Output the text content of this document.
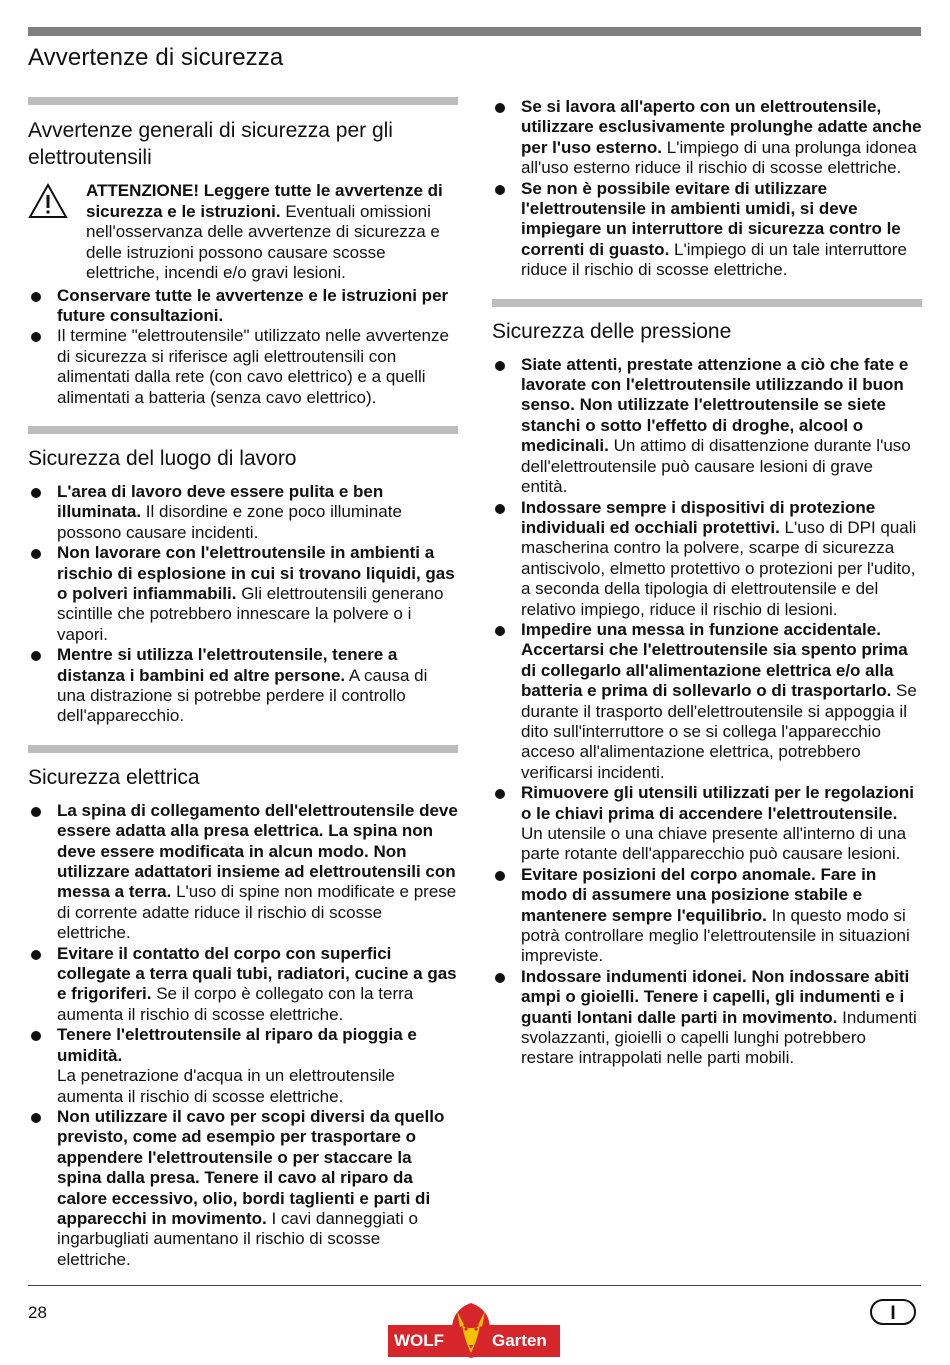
Avvertenze di sicurezza
Avvertenze generali di sicurezza per gli elettroutensili
ATTENZIONE! Leggere tutte le avvertenze di sicurezza e le istruzioni. Eventuali omissioni nell'osservanza delle avvertenze di sicurezza e delle istruzioni possono causare scosse elettriche, incendi e/o gravi lesioni.
Conservare tutte le avvertenze e le istruzioni per future consultazioni.
Il termine "elettroutensile" utilizzato nelle avvertenze di sicurezza si riferisce agli elettroutensili con alimentati dalla rete (con cavo elettrico) e a quelli alimentati a batteria (senza cavo elettrico).
Sicurezza del luogo di lavoro
L'area di lavoro deve essere pulita e ben illuminata. Il disordine e zone poco illuminate possono causare incidenti.
Non lavorare con l'elettroutensile in ambienti a rischio di esplosione in cui si trovano liquidi, gas o polveri infiammabili. Gli elettroutensili generano scintille che potrebbero innescare la polvere o i vapori.
Mentre si utilizza l'elettroutensile, tenere a distanza i bambini ed altre persone. A causa di una distrazione si potrebbe perdere il controllo dell'apparecchio.
Sicurezza elettrica
La spina di collegamento dell'elettroutensile deve essere adatta alla presa elettrica. La spina non deve essere modificata in alcun modo. Non utilizzare adattatori insieme ad elettroutensili con messa a terra. L'uso di spine non modificate e prese di corrente adatte riduce il rischio di scosse elettriche.
Evitare il contatto del corpo con superfici collegate a terra quali tubi, radiatori, cucine a gas e frigoriferi. Se il corpo è collegato con la terra aumenta il rischio di scosse elettriche.
Tenere l'elettroutensile al riparo da pioggia e umidità.
La penetrazione d'acqua in un elettroutensile aumenta il rischio di scosse elettriche.
Non utilizzare il cavo per scopi diversi da quello previsto, come ad esempio per trasportare o appendere l'elettroutensile o per staccare la spina dalla presa. Tenere il cavo al riparo da calore eccessivo, olio, bordi taglienti e parti di apparecchi in movimento. I cavi danneggiati o ingarbugliati aumentano il rischio di scosse elettriche.
Se si lavora all'aperto con un elettroutensile, utilizzare esclusivamente prolunghe adatte anche per l'uso esterno. L'impiego di una prolunga idonea all'uso esterno riduce il rischio di scosse elettriche.
Se non è possibile evitare di utilizzare l'elettroutensile in ambienti umidi, si deve impiegare un interruttore di sicurezza contro le correnti di guasto. L'impiego di un tale interruttore riduce il rischio di scosse elettriche.
Sicurezza delle pressione
Siate attenti, prestate attenzione a ciò che fate e lavorate con l'elettroutensile utilizzando il buon senso. Non utilizzate l'elettroutensile se siete stanchi o sotto l'effetto di droghe, alcool o medicinali. Un attimo di disattenzione durante l'uso dell'elettroutensile può causare lesioni di grave entità.
Indossare sempre i dispositivi di protezione individuali ed occhiali protettivi. L'uso di DPI quali mascherina contro la polvere, scarpe di sicurezza antiscivolo, elmetto protettivo o protezioni per l'udito, a seconda della tipologia di elettroutensile e del relativo impiego, riduce il rischio di lesioni.
Impedire una messa in funzione accidentale. Accertarsi che l'elettroutensile sia spento prima di collegarlo all'alimentazione elettrica e/o alla batteria e prima di sollevarlo o di trasportarlo. Se durante il trasporto dell'elettroutensile si appoggia il dito sull'interruttore o se si collega l'apparecchio acceso all'alimentazione elettrica, potrebbero verificarsi incidenti.
Rimuovere gli utensili utilizzati per le regolazioni o le chiavi prima di accendere l'elettroutensile. Un utensile o una chiave presente all'interno di una parte rotante dell'apparecchio può causare lesioni.
Evitare posizioni del corpo anomale. Fare in modo di assumere una posizione stabile e mantenere sempre l'equilibrio. In questo modo si potrà controllare meglio l'elettroutensile in situazioni impreviste.
Indossare indumenti idonei. Non indossare abiti ampi o gioielli. Tenere i capelli, gli indumenti e i guanti lontani dalle parti in movimento. Indumenti svolazzanti, gioielli o capelli lunghi potrebbero restare intrappolati nelle parti mobili.
28
WOLF	Garten
I
